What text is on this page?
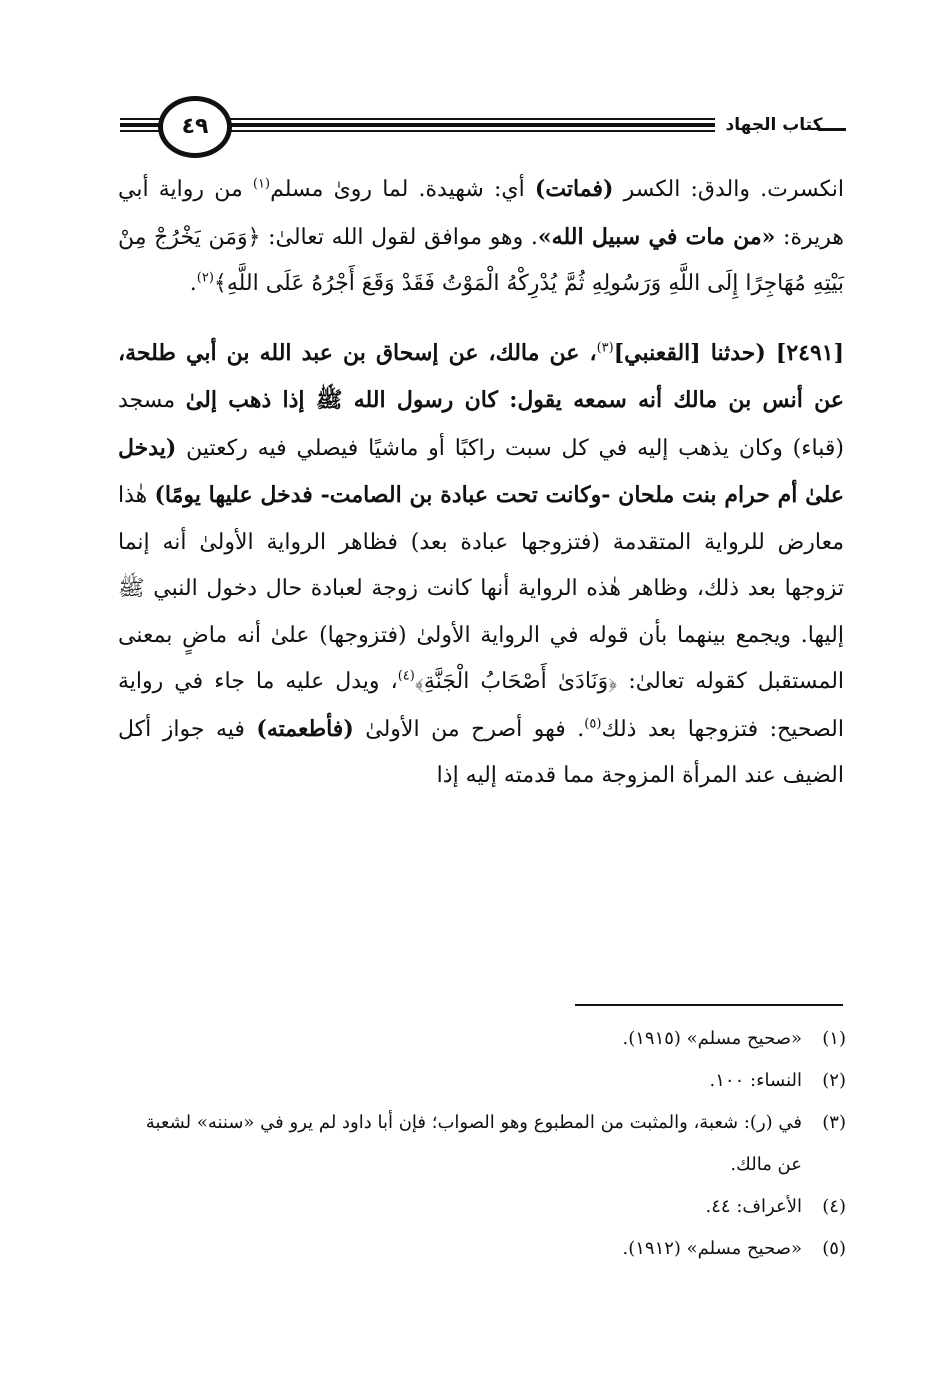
كتاب الجهاد
٤٩

انكسرت. والدق: الكسر (فماتت) أي: شهيدة. لما روىٰ مسلم$^{(١)}$ من رواية أبي هريرة: «من مات في سبيل الله». وهو موافق لقول الله تعالىٰ: ﴿وَمَن يَخْرُجْ مِنْ بَيْتِهِ مُهَاجِرًا إِلَى اللَّهِ وَرَسُولِهِ ثُمَّ يُدْرِكْهُ الْمَوْتُ فَقَدْ وَقَعَ أَجْرُهُ عَلَى اللَّهِ﴾$^{(٢)}$.

[٢٤٩١] (حدثنا [القعنبي]$^{(٣)}$، عن مالك، عن إسحاق بن عبد الله بن أبي طلحة، عن أنس بن مالك أنه سمعه يقول: كان رسول الله ﷺ إذا ذهب إلىٰ مسجد (قباء) وكان يذهب إليه في كل سبت راكبًا أو ماشيًا فيصلي فيه ركعتين (يدخل علىٰ أم حرام بنت ملحان -وكانت تحت عبادة بن الصامت- فدخل عليها يومًا) هٰذا معارض للرواية المتقدمة (فتزوجها عبادة بعد) فظاهر الرواية الأولىٰ أنه إنما تزوجها بعد ذلك، وظاهر هٰذه الرواية أنها كانت زوجة لعبادة حال دخول النبي ﷺ إليها. ويجمع بينهما بأن قوله في الرواية الأولىٰ (فتزوجها) علىٰ أنه ماضٍ بمعنى المستقبل كقوله تعالىٰ: ﴿وَنَادَىٰ أَصْحَابُ الْجَنَّةِ﴾$^{(٤)}$، ويدل عليه ما جاء في رواية الصحيح: فتزوجها بعد ذلك$^{(٥)}$. فهو أصرح من الأولىٰ (فأطعمته) فيه جواز أكل الضيف عند المرأة المزوجة مما قدمته إليه إذا

(١)
«صحيح مسلم» (١٩١٥).
(٢)
النساء: ١٠٠.
(٣)
في (ر): شعبة، والمثبت من المطبوع وهو الصواب؛ فإن أبا داود لم يرو في «سننه» لشعبة عن مالك.
(٤)
الأعراف: ٤٤.
(٥)
«صحيح مسلم» (١٩١٢).
